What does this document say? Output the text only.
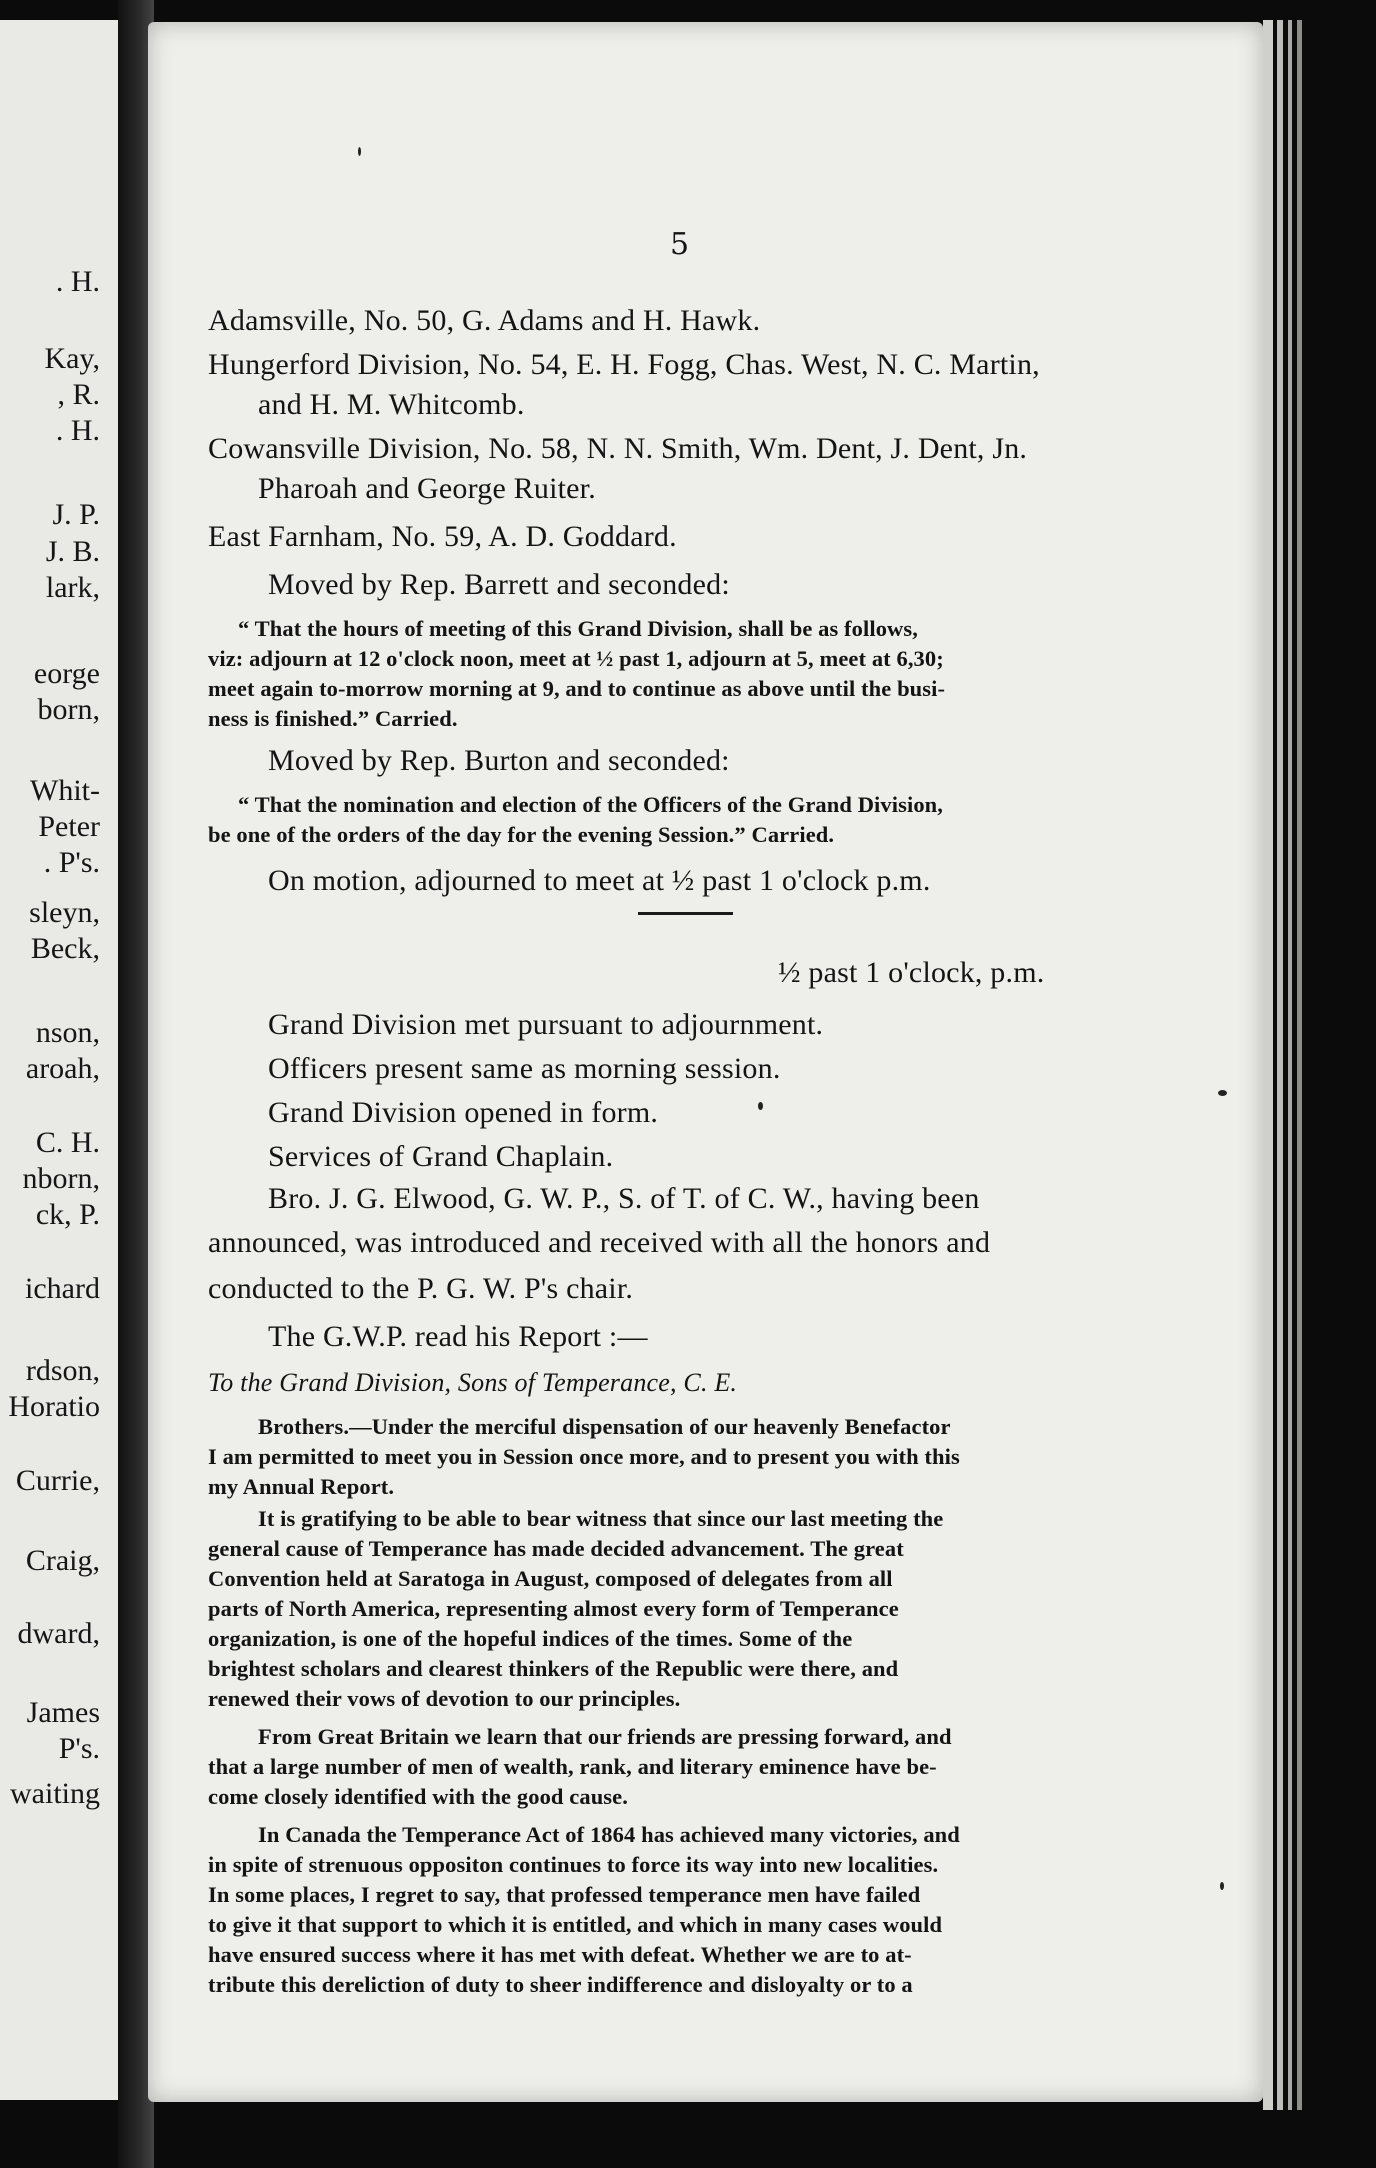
. H.
Kay,
, R.
. H.
J. P.
J. B.
lark,
eorge
born,
Whit-
Peter
. P's.
sleyn,
Beck,
nson,
aroah,
C. H.
nborn,
ck, P.
ichard
rdson,
Horatio
Currie,
Craig,
dward,
James
P's.
waiting
5
Adamsville, No. 50, G. Adams and H. Hawk.
Hungerford Division, No. 54, E. H. Fogg, Chas. West, N. C. Martin,
and H. M. Whitcomb.
Cowansville Division, No. 58, N. N. Smith, Wm. Dent, J. Dent, Jn.
Pharoah and George Ruiter.
East Farnham, No. 59, A. D. Goddard.
Moved by Rep. Barrett and seconded:
“ That the hours of meeting of this Grand Division, shall be as follows,
viz: adjourn at 12 o'clock noon, meet at ½ past 1, adjourn at 5, meet at 6,30;
meet again to-morrow morning at 9, and to continue as above until the busi-
ness is finished.” Carried.
Moved by Rep. Burton and seconded:
“ That the nomination and election of the Officers of the Grand Division,
be one of the orders of the day for the evening Session.” Carried.
On motion, adjourned to meet at ½ past 1 o'clock p.m.
½ past 1 o'clock, p.m.
Grand Division met pursuant to adjournment.
Officers present same as morning session.
Grand Division opened in form.
Services of Grand Chaplain.
Bro. J. G. Elwood, G. W. P., S. of T. of C. W., having been
announced, was introduced and received with all the honors and
conducted to the P. G. W. P's chair.
The G.W.P. read his Report :—
To the Grand Division, Sons of Temperance, C. E.
Brothers.—Under the merciful dispensation of our heavenly Benefactor
I am permitted to meet you in Session once more, and to present you with this
my Annual Report.
It is gratifying to be able to bear witness that since our last meeting the
general cause of Temperance has made decided advancement. The great
Convention held at Saratoga in August, composed of delegates from all
parts of North America, representing almost every form of Temperance
organization, is one of the hopeful indices of the times. Some of the
brightest scholars and clearest thinkers of the Republic were there, and
renewed their vows of devotion to our principles.
From Great Britain we learn that our friends are pressing forward, and
that a large number of men of wealth, rank, and literary eminence have be-
come closely identified with the good cause.
In Canada the Temperance Act of 1864 has achieved many victories, and
in spite of strenuous oppositon continues to force its way into new localities.
In some places, I regret to say, that professed temperance men have failed
to give it that support to which it is entitled, and which in many cases would
have ensured success where it has met with defeat. Whether we are to at-
tribute this dereliction of duty to sheer indifference and disloyalty or to a
